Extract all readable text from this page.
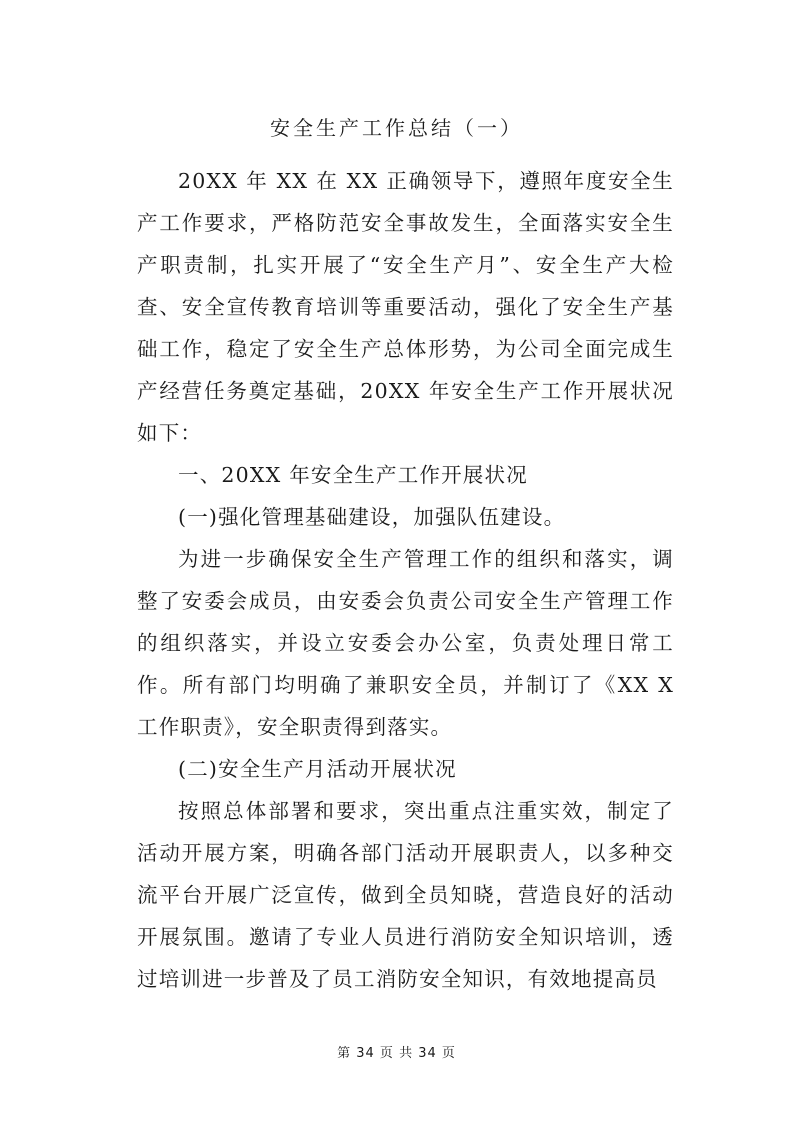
安全生产工作总结（一）

20XX 年 XX 在 XX 正确领导下，遵照年度安全生产工作要求，严格防范安全事故发生，全面落实安全生产职责制，扎实开展了“安全生产月”、安全生产大检查、安全宣传教育培训等重要活动，强化了安全生产基础工作，稳定了安全生产总体形势，为公司全面完成生产经营任务奠定基础，20XX 年安全生产工作开展状况如下：

一、20XX 年安全生产工作开展状况

(一)强化管理基础建设，加强队伍建设。

为进一步确保安全生产管理工作的组织和落实，调整了安委会成员，由安委会负责公司安全生产管理工作的组织落实，并设立安委会办公室，负责处理日常工作。所有部门均明确了兼职安全员，并制订了《XX X 工作职责》，安全职责得到落实。

(二)安全生产月活动开展状况

按照总体部署和要求，突出重点注重实效，制定了活动开展方案，明确各部门活动开展职责人，以多种交流平台开展广泛宣传，做到全员知晓，营造良好的活动开展氛围。邀请了专业人员进行消防安全知识培训，透过培训进一步普及了员工消防安全知识，有效地提高员

第 34 页 共 34 页
